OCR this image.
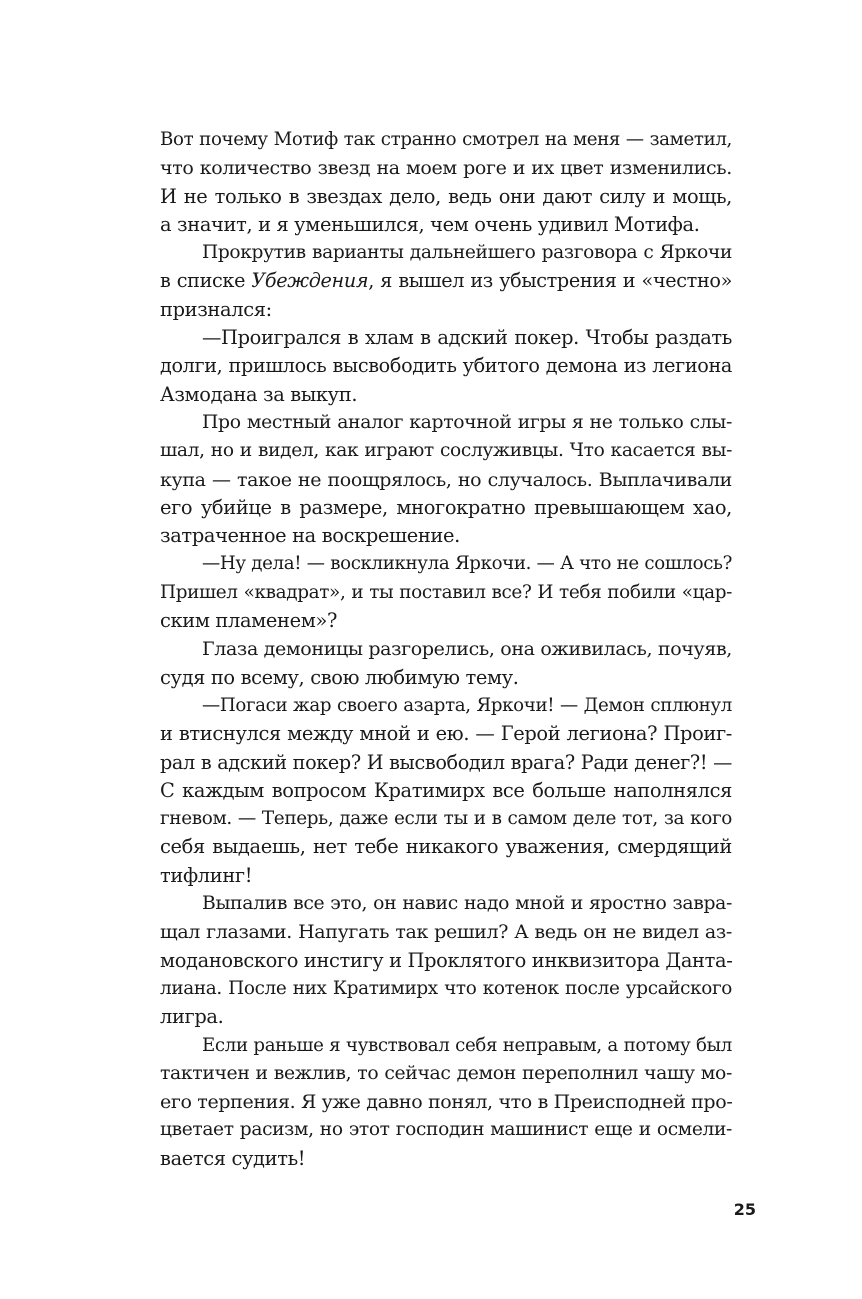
Вот почему Мотиф так странно смотрел на меня — заметил,
что количество звезд на моем роге и их цвет изменились.
И не только в звездах дело, ведь они дают силу и мощь,
а значит, и я уменьшился, чем очень удивил Мотифа.
Прокрутив варианты дальнейшего разговора с Яркочи
в списке Убеждения, я вышел из убыстрения и «честно»
признался:
—Проигрался в хлам в адский покер. Чтобы раздать
долги, пришлось высвободить убитого демона из легиона
Азмодана за выкуп.
Про местный аналог карточной игры я не только слы-
шал, но и видел, как играют сослуживцы. Что касается вы-
купа — такое не поощрялось, но случалось. Выплачивали
его убийце в размере, многократно превышающем хао,
затраченное на воскрешение.
—Ну дела! — воскликнула Яркочи. — А что не сошлось?
Пришел «квадрат», и ты поставил все? И тебя побили «цар-
ским пламенем»?
Глаза демоницы разгорелись, она оживилась, почуяв,
судя по всему, свою любимую тему.
—Погаси жар своего азарта, Яркочи! — Демон сплюнул
и втиснулся между мной и ею. — Герой легиона? Проиг-
рал в адский покер? И высвободил врага? Ради денег?! —
С каждым вопросом Кратимирх все больше наполнялся
гневом. — Теперь, даже если ты и в самом деле тот, за кого
себя выдаешь, нет тебе никакого уважения, смердящий
тифлинг!
Выпалив все это, он навис надо мной и яростно завра-
щал глазами. Напугать так решил? А ведь он не видел аз-
модановского инстигу и Проклятого инквизитора Данта-
лиана. После них Кратимирх что котенок после урсайского
лигра.
Если раньше я чувствовал себя неправым, а потому был
тактичен и вежлив, то сейчас демон переполнил чашу мо-
его терпения. Я уже давно понял, что в Преисподней про-
цветает расизм, но этот господин машинист еще и осмели-
вается судить!
25
